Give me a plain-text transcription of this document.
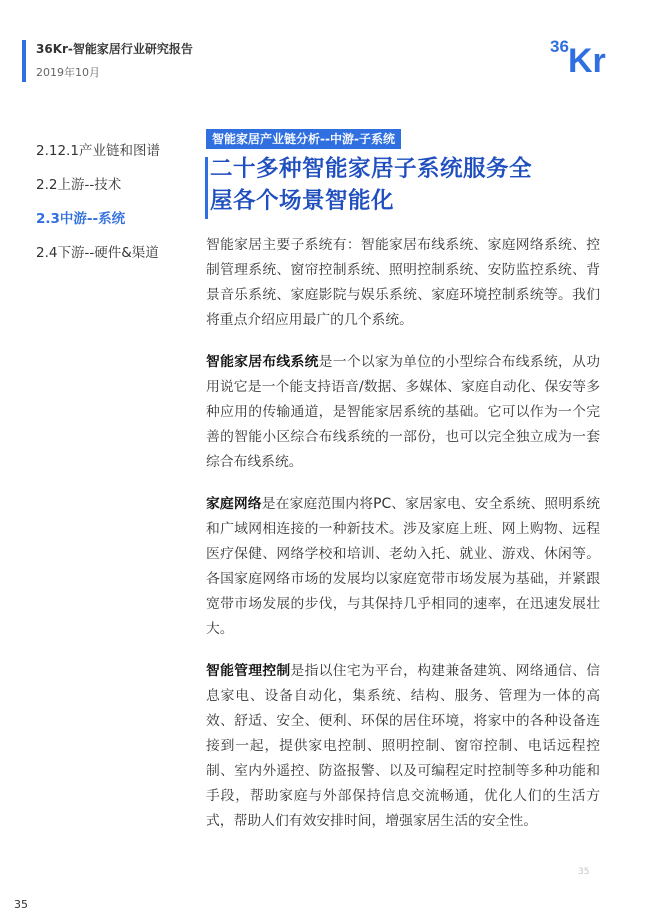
36Kr-智能家居行业研究报告
2019年10月
36 Kr
2.12.1产业链和图谱
2.2上游--技术
2.3中游--系统
2.4下游--硬件&渠道
智能家居产业链分析--中游-子系统

二十多种智能家居子系统服务全

屋各个场景智能化

智能家居主要子系统有：智能家居布线系统、家庭网络系统、控制管理系统、窗帘控制系统、照明控制系统、安防监控系统、背景音乐系统、家庭影院与娱乐系统、家庭环境控制系统等。我们将重点介绍应用最广的几个系统。

智能家居布线系统是一个以家为单位的小型综合布线系统，从功用说它是一个能支持语音/数据、多媒体、家庭自动化、保安等多种应用的传输通道，是智能家居系统的基础。它可以作为一个完善的智能小区综合布线系统的一部份，也可以完全独立成为一套综合布线系统。

家庭网络是在家庭范围内将PC、家居家电、安全系统、照明系统和广域网相连接的一种新技术。涉及家庭上班、网上购物、远程医疗保健、网络学校和培训、老幼入托、就业、游戏、休闲等。各国家庭网络市场的发展均以家庭宽带市场发展为基础，并紧跟宽带市场发展的步伐，与其保持几乎相同的速率，在迅速发展壮大。

智能管理控制是指以住宅为平台，构建兼备建筑、网络通信、信息家电、设备自动化，集系统、结构、服务、管理为一体的高效、舒适、安全、便利、环保的居住环境，将家中的各种设备连接到一起，提供家电控制、照明控制、窗帘控制、电话远程控制、室内外遥控、防盗报警、以及可编程定时控制等多种功能和手段，帮助家庭与外部保持信息交流畅通，优化人们的生活方式，帮助人们有效安排时间，增强家居生活的安全性。

35
35
